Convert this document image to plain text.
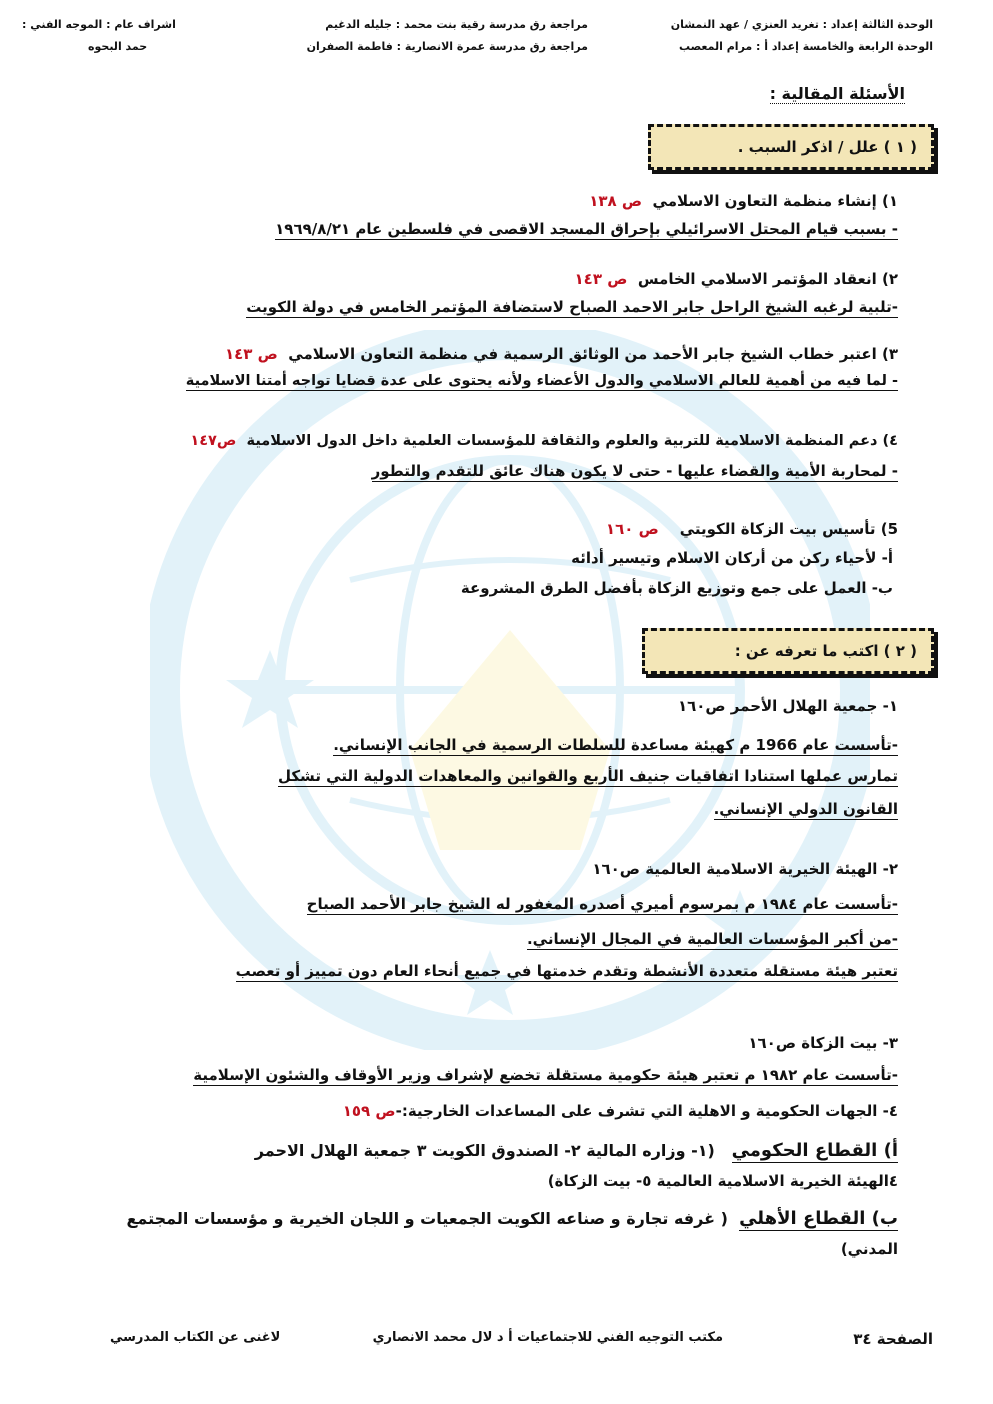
الوحدة الثالثة إعداد : تغريد العنزي / عهد النمشان
مراجعة رق مدرسة رقية بنت محمد : جليله الدغيم
اشراف عام : الموجه الفني :
الوحدة الرابعة والخامسة إعداد أ : مرام المعصب
مراجعة رق مدرسة عمرة الانصارية : فاطمة الصفران
حمد البحوه
الأسئلة المقالية :
( ١ ) علل / اذكر السبب .
١) إنشاء منظمة التعاون الاسلامي  ص ١٣٨
- بسبب قيام المحتل الاسرائيلي بإحراق المسجد الاقصى في فلسطين عام ١٩٦٩/٨/٢١
٢) انعقاد المؤتمر الاسلامي الخامس  ص ١٤٣
-تلبية لرغبه الشيخ الراحل جابر الاحمد الصباح لاستضافة المؤتمر الخامس في دولة الكويت
٣) اعتبر خطاب الشيخ جابر الأحمد من الوثائق الرسمية في منظمة التعاون الاسلامي  ص ١٤٣
- لما فيه من أهمية للعالم الاسلامي والدول الأعضاء ولأنه يحتوى على عدة قضايا تواجه أمتنا الاسلامية
٤) دعم المنظمة الاسلامية للتربية والعلوم والثقافة للمؤسسات العلمية داخل الدول الاسلامية  ص١٤٧
- لمحاربة الأمية والقضاء عليها - حتى لا يكون هناك عائق للتقدم والتطور
5) تأسيس بيت الزكاة الكويتي    ص ١٦٠
أ‌- لأحياء ركن من أركان الاسلام وتيسير أدائه
ب‌- العمل على جمع وتوزيع الزكاة بأفضل الطرق المشروعة
( ٢ ) اكتب ما تعرفه عن :
١- جمعية الهلال الأحمر ص١٦٠
-تأسست عام 1966 م كهيئة مساعدة للسلطات الرسمية في الجانب الإنساني.
تمارس عملها استنادا اتفاقيات جنيف الأربع والقوانين والمعاهدات الدولية التي تشكل
القانون الدولي الإنساني.
٢- الهيئة الخيرية الاسلامية العالمية ص١٦٠
-تأسست عام ١٩٨٤ م بمرسوم أميري أصدره المغفور له الشيخ جابر الأحمد الصباح
-من أكبر المؤسسات العالمية في المجال الإنساني.
تعتبر هيئة مستقلة متعددة الأنشطة وتقدم خدمتها في جميع أنحاء العام دون تمييز أو تعصب
٣- بيت الزكاة ص١٦٠
-تأسست عام ١٩٨٢ م تعتبر هيئة حكومية مستقلة تخضع لإشراف وزير الأوقاف والشئون الإسلامية
٤- الجهات الحكومية و الاهلية التي تشرف على المساعدات الخارجية:-ص ١٥٩
أ) القطاع الحكومي   (١- وزاره المالية ٢- الصندوق الكويت ٣ جمعية الهلال الاحمر
٤الهيئة الخيرية الاسلامية العالمية ٥- بيت الزكاة)
ب) القطاع الأهلي  ( غرفه تجارة و صناعه الكويت الجمعيات و اللجان الخيرية و مؤسسات المجتمع
المدني)
الصفحة ٣٤
مكتب التوجيه الفني للاجتماعيات أ د لال محمد الانصاري
لاغنى عن الكتاب المدرسي
